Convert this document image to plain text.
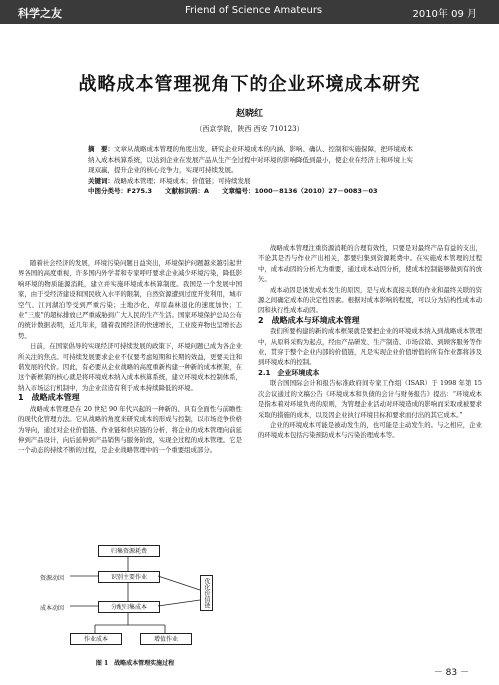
科学之友	Friend of Science Amateurs	2010年 09 月
战略成本管理视角下的企业环境成本研究
赵晓红
（西京学院，陕西 西安 710123）

摘　要：文章从战略成本管理的角度出发，研究企业环境成本的内涵、影响、确认、控制和实施保障，把环境成本纳入成本核算系统，以达到企业在发展产品从生产全过程中对环境的影响降低到最小，使企业在经济上和环境上实现双赢，提升企业的核心竞争力，实现可持续发展。

关键词：战略成本管理；环境成本；价值链；可持续发展

中图分类号：F275.3　　文献标识码：A　　文章编号：1000－8136（2010）27－0083－03

随着社会经济的发展，环境污染问题日益突出，环境保护问题越来越引起世界各国的高度重视，许多国内外学者和专家呼吁要求企业减少环境污染，降低影响环境的物质能源消耗，建立并实施环境成本核算制度。我国是一个发展中国家，由于受经济建设和国民收入水平的限制，自然资源遭到过度开发利用，城市空气、江河湖泊等受到严重污染；土地沙化、草原森林退化的速度加快；工业“三废”的超标排放已严重威胁到广大人民的生产生活。国家环境保护总局公布的统计数据表明，近几年来，随着我国经济的快速增长，工业废弃物也呈增长态势。

日前，在国家倡导的实现经济可持续发展的政策下，环境问题已成为各企业所关注的焦点。可持续发展要求企业不仅要考虑短期和长期的效益，更要关注和谐发展的代价。因此，有必要从企业战略的高度重新构建一种新的成本框架，在这个新框架的核心就是将环境成本纳入成本核算系统，建立环境成本控制体系，纳入市场运行机制中，为企业营造有利于成本持续降低的环境。

1　战略成本管理

战略成本管理是在 20 世纪 90 年代兴起的一种新的、具有全面性与前瞻性的现代化管理方法。它从战略的角度来研究成本的形成与控制，以市场竞争价格为导向，通过对企业价值链、作业链和供应链的分析，将企业的成本管理向前延伸到产品设计，向后延伸到产品销售与服务阶段，实现全过程的成本管理。它是一个动态的持续不断的过程，是企业战略管理中的一个重要组成部分。

归集资源耗费
资源动因	识别主要作业
成本动因	分配归集成本
作业成本	增值作业
优化价值链
图 1　战略成本管理实施过程

战略成本管理注重资源消耗的合理有效性，只要是对最终产品有益的支出，不论其是否与作业产出相关，都要归集到资源耗费中。在实施成本管理的过程中，成本动因的分析尤为重要，通过成本动因分析，使成本控制能够做到有的放矢。

成本动因是诱发成本发生的原因，是与成本直接关联的作业和最终关联的资源之间确定成本的决定性因素。根据对成本影响的程度，可以分为结构性成本动因和执行性成本动因。

2　战略成本与环境成本管理

我们所要构建的新的成本框架就是要把企业的环境成本纳入到战略成本管理中，从原料采购为起点，经由产品研发、生产制造、市场营销、到顾客服务等作业，贯穿于整个企业内部的价值链，凡是实现企业价值增值的所有作业都将涉及到环境成本的控制。

2.1　企业环境成本

联合国国际会计和报告标准政府间专家工作组（ISAR）于 1998 年第 15 次会议通过的文稿公告《环境成本和负债的会计与财务报告》提出：“环境成本是指本着对环境负责的原则，为管理企业活动对环境造成的影响而采取或被要求采取的措施的成本，以及因企业执行环境目标和要求而付出的其它成本。”

企业的环境成本可能是被动发生的，也可能是主动发生的。与之相应，企业的环境成本包括污染预防成本与污染治理成本等。

－ 83 －
